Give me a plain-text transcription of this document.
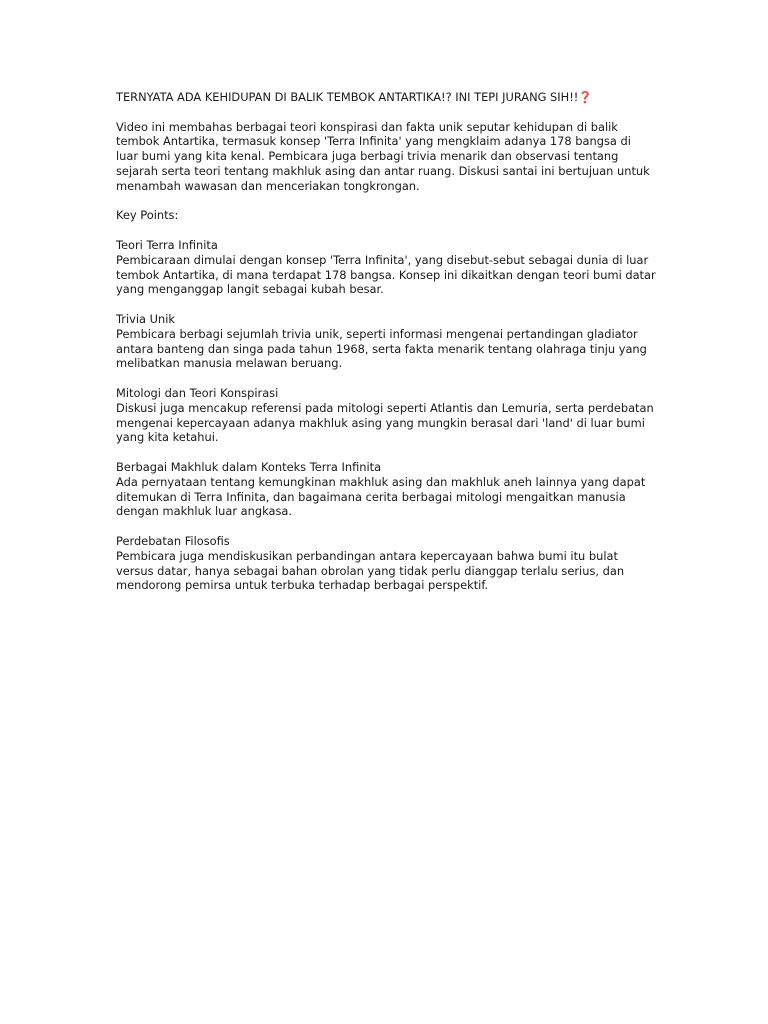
TERNYATA ADA KEHIDUPAN DI BALIK TEMBOK ANTARTIKA!? INI TEPI JURANG SIH!!❓

Video ini membahas berbagai teori konspirasi dan fakta unik seputar kehidupan di balik tembok Antartika, termasuk konsep 'Terra Infinita' yang mengklaim adanya 178 bangsa di luar bumi yang kita kenal. Pembicara juga berbagi trivia menarik dan observasi tentang sejarah serta teori tentang makhluk asing dan antar ruang. Diskusi santai ini bertujuan untuk menambah wawasan dan menceriakan tongkrongan.

Key Points:

Teori Terra Infinita
Pembicaraan dimulai dengan konsep 'Terra Infinita', yang disebut-sebut sebagai dunia di luar tembok Antartika, di mana terdapat 178 bangsa. Konsep ini dikaitkan dengan teori bumi datar yang menganggap langit sebagai kubah besar.
Trivia Unik
Pembicara berbagi sejumlah trivia unik, seperti informasi mengenai pertandingan gladiator antara banteng dan singa pada tahun 1968, serta fakta menarik tentang olahraga tinju yang melibatkan manusia melawan beruang.
Mitologi dan Teori Konspirasi
Diskusi juga mencakup referensi pada mitologi seperti Atlantis dan Lemuria, serta perdebatan mengenai kepercayaan adanya makhluk asing yang mungkin berasal dari 'land' di luar bumi yang kita ketahui.
Berbagai Makhluk dalam Konteks Terra Infinita
Ada pernyataan tentang kemungkinan makhluk asing dan makhluk aneh lainnya yang dapat ditemukan di Terra Infinita, dan bagaimana cerita berbagai mitologi mengaitkan manusia dengan makhluk luar angkasa.
Perdebatan Filosofis
Pembicara juga mendiskusikan perbandingan antara kepercayaan bahwa bumi itu bulat versus datar, hanya sebagai bahan obrolan yang tidak perlu dianggap terlalu serius, dan mendorong pemirsa untuk terbuka terhadap berbagai perspektif.
